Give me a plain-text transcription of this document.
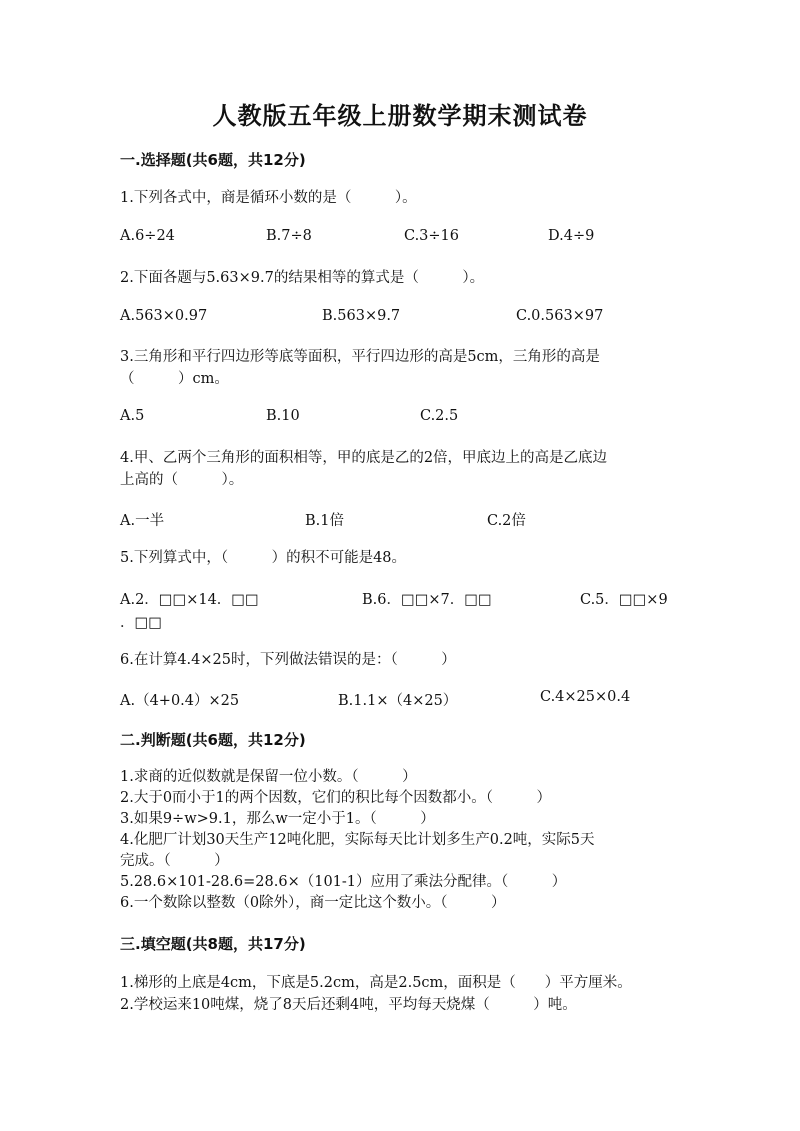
人教版五年级上册数学期末测试卷
一.选择题(共6题，共12分)
1.下列各式中，商是循环小数的是（　　　）。
A.6÷24	B.7÷8	C.3÷16	D.4÷9
2.下面各题与5.63×9.7的结果相等的算式是（　　　）。
A.563×0.97	B.563×9.7	C.0.563×97
3.三角形和平行四边形等底等面积，平行四边形的高是5cm，三角形的高是
（　　　）cm。
A.5	B.10	C.2.5
4.甲、乙两个三角形的面积相等，甲的底是乙的2倍，甲底边上的高是乙底边
上高的（　　　）。
A.一半	B.1倍	C.2倍
5.下列算式中，（　　　）的积不可能是48。
A.2．□□×14．□□	B.6．□□×7．□□	C.5．□□×9
．□□
6.在计算4.4×25时，下列做法错误的是：（　　　）
A.（4+0.4）×25	B.1.1×（4×25）	C.4×25×0.4
二.判断题(共6题，共12分)
1.求商的近似数就是保留一位小数。（　　　）
2.大于0而小于1的两个因数，它们的积比每个因数都小。（　　　）
3.如果9÷w>9.1，那么w一定小于1。（　　　）
4.化肥厂计划30天生产12吨化肥，实际每天比计划多生产0.2吨，实际5天
完成。（　　　）
5.28.6×101-28.6=28.6×（101-1）应用了乘法分配律。（　　　）
6.一个数除以整数（0除外），商一定比这个数小。（　　　）
三.填空题(共8题，共17分)
1.梯形的上底是4cm，下底是5.2cm，高是2.5cm，面积是（　　）平方厘米。
2.学校运来10吨煤，烧了8天后还剩4吨，平均每天烧煤（　　　）吨。
